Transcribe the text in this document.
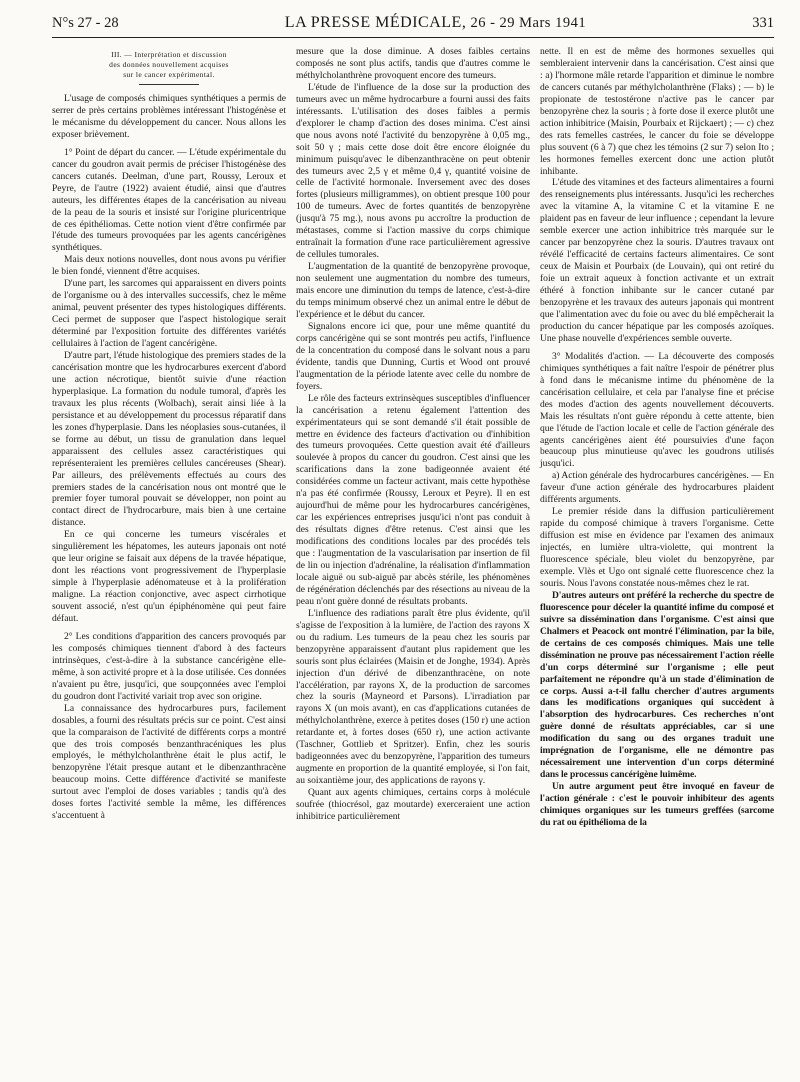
N°s 27 - 28	LA PRESSE MÉDICALE, 26 - 29 Mars 1941	331
III. — Interprétation et discussion
des données nouvellement acquises
sur le cancer expérimental.

L'usage de composés chimiques synthétiques a permis de serrer de près certains problèmes intéressant l'histogénèse et le mécanisme du développement du cancer. Nous allons les exposer brièvement.

1° Point de départ du cancer. — L'étude expérimentale du cancer du goudron avait permis de préciser l'histogénèse des cancers cutanés. Deelman, d'une part, Roussy, Leroux et Peyre, de l'autre (1922) avaient étudié, ainsi que d'autres auteurs, les différentes étapes de la cancérisation au niveau de la peau de la souris et insisté sur l'origine pluricentrique de ces épithéliomas. Cette notion vient d'être confirmée par l'étude des tumeurs provoquées par les agents cancérigènes synthétiques.

Mais deux notions nouvelles, dont nous avons pu vérifier le bien fondé, viennent d'être acquises.

D'une part, les sarcomes qui apparaissent en divers points de l'organisme ou à des intervalles successifs, chez le même animal, peuvent présenter des types histologiques différents. Ceci permet de supposer que l'aspect histologique serait déterminé par l'exposition fortuite des différentes variétés cellulaires à l'action de l'agent cancérigène.

D'autre part, l'étude histologique des premiers stades de la cancérisation montre que les hydrocarbures exercent d'abord une action nécrotique, bientôt suivie d'une réaction hyperplasique. La formation du nodule tumoral, d'après les travaux les plus récents (Wolbach), serait ainsi liée à la persistance et au développement du processus réparatif dans les zones d'hyperplasie. Dans les néoplasies sous-cutanées, il se forme au début, un tissu de granulation dans lequel apparaissent des cellules assez caractéristiques qui représenteraient les premières cellules cancéreuses (Shear). Par ailleurs, des prélèvements effectués au cours des premiers stades de la cancérisation nous ont montré que le premier foyer tumoral pouvait se développer, non point au contact direct de l'hydrocarbure, mais bien à une certaine distance.

En ce qui concerne les tumeurs viscérales et singulièrement les hépatomes, les auteurs japonais ont noté que leur origine se faisait aux dépens de la travée hépatique, dont les réactions vont progressivement de l'hyperplasie simple à l'hyperplasie adénomateuse et à la prolifération maligne. La réaction conjonctive, avec aspect cirrhotique souvent associé, n'est qu'un épiphénomène qui peut faire défaut.

2° Les conditions d'apparition des cancers provoqués par les composés chimiques tiennent d'abord à des facteurs intrinsèques, c'est-à-dire à la substance cancérigène elle-même, à son activité propre et à la dose utilisée. Ces données n'avaient pu être, jusqu'ici, que soupçonnées avec l'emploi du goudron dont l'activité variait trop avec son origine.

La connaissance des hydrocarbures purs, facilement dosables, a fourni des résultats précis sur ce point. C'est ainsi que la comparaison de l'activité de différents corps a montré que des trois composés benzanthracéniques les plus employés, le méthylcholanthrène était le plus actif, le benzopyrène l'était presque autant et le dibenzanthracène beaucoup moins. Cette différence d'activité se manifeste surtout avec l'emploi de doses variables ; tandis qu'à des doses fortes l'activité semble la même, les différences s'accentuent à

mesure que la dose diminue. A doses faibles certains composés ne sont plus actifs, tandis que d'autres comme le méthylcholanthrène provoquent encore des tumeurs.

L'étude de l'influence de la dose sur la production des tumeurs avec un même hydrocarbure a fourni aussi des faits intéressants. L'utilisation des doses faibles a permis d'explorer le champ d'action des doses minima. C'est ainsi que nous avons noté l'activité du benzopyrène à 0,05 mg., soit 50 γ ; mais cette dose doit être encore éloignée du minimum puisqu'avec le dibenzanthracène on peut obtenir des tumeurs avec 2,5 γ et même 0,4 γ, quantité voisine de celle de l'activité hormonale. Inversement avec des doses fortes (plusieurs milligrammes), on obtient presque 100 pour 100 de tumeurs. Avec de fortes quantités de benzopyrène (jusqu'à 75 mg.), nous avons pu accroître la production de métastases, comme si l'action massive du corps chimique entraînait la formation d'une race particulièrement agressive de cellules tumorales.

L'augmentation de la quantité de benzopyrène provoque, non seulement une augmentation du nombre des tumeurs, mais encore une diminution du temps de latence, c'est-à-dire du temps minimum observé chez un animal entre le début de l'expérience et le début du cancer.

Signalons encore ici que, pour une même quantité du corps cancérigène qui se sont montrés peu actifs, l'influence de la concentration du composé dans le solvant nous a paru évidente, tandis que Dunning, Curtis et Wood ont prouvé l'augmentation de la période latente avec celle du nombre de foyers.

Le rôle des facteurs extrinsèques susceptibles d'influencer la cancérisation a retenu également l'attention des expérimentateurs qui se sont demandé s'il était possible de mettre en évidence des facteurs d'activation ou d'inhibition des tumeurs provoquées. Cette question avait été d'ailleurs soulevée à propos du cancer du goudron. C'est ainsi que les scarifications dans la zone badigeonnée avaient été considérées comme un facteur activant, mais cette hypothèse n'a pas été confirmée (Roussy, Leroux et Peyre). Il en est aujourd'hui de même pour les hydrocarbures cancérigènes, car les expériences entreprises jusqu'ici n'ont pas conduit à des résultats dignes d'être retenus. C'est ainsi que les modifications des conditions locales par des procédés tels que : l'augmentation de la vascularisation par insertion de fil de lin ou injection d'adrénaline, la réalisation d'inflammation locale aiguë ou sub-aiguë par abcès stérile, les phénomènes de régénération déclenchés par des résections au niveau de la peau n'ont guère donné de résultats probants.

L'influence des radiations paraît être plus évidente, qu'il s'agisse de l'exposition à la lumière, de l'action des rayons X ou du radium. Les tumeurs de la peau chez les souris par benzopyrène apparaissent d'autant plus rapidement que les souris sont plus éclairées (Maisin et de Jonghe, 1934). Après injection d'un dérivé de dibenzanthracène, on note l'accélération, par rayons X, de la production de sarcomes chez la souris (Mayneord et Parsons). L'irradiation par rayons X (un mois avant), en cas d'applications cutanées de méthylcholanthrène, exerce à petites doses (150 r) une action retardante et, à fortes doses (650 r), une action activante (Taschner, Gottlieb et Spritzer). Enfin, chez les souris badigeonnées avec du benzopyrène, l'apparition des tumeurs augmente en proportion de la quantité employée, si l'on fait, au soixantième jour, des applications de rayons γ.

Quant aux agents chimiques, certains corps à molécule soufrée (thiocrésol, gaz moutarde) exerceraient une action inhibitrice particulièrement

nette. Il en est de même des hormones sexuelles qui sembleraient intervenir dans la cancérisation. C'est ainsi que : a) l'hormone mâle retarde l'apparition et diminue le nombre de cancers cutanés par méthylcholanthrène (Flaks) ; — b) le propionate de testostérone n'active pas le cancer par benzopyrène chez la souris ; à forte dose il exerce plutôt une action inhibitrice (Maisin, Pourbaix et Rijckaert) ; — c) chez des rats femelles castrées, le cancer du foie se développe plus souvent (6 à 7) que chez les témoins (2 sur 7) selon Ito ; les hormones femelles exercent donc une action plutôt inhibante.

L'étude des vitamines et des facteurs alimentaires a fourni des renseignements plus intéressants. Jusqu'ici les recherches avec la vitamine A, la vitamine C et la vitamine E ne plaident pas en faveur de leur influence ; cependant la levure semble exercer une action inhibitrice très marquée sur le cancer par benzopyrène chez la souris. D'autres travaux ont révélé l'efficacité de certains facteurs alimentaires. Ce sont ceux de Maisin et Pourbaix (de Louvain), qui ont retiré du foie un extrait aqueux à fonction activante et un extrait éthéré à fonction inhibante sur le cancer cutané par benzopyrène et les travaux des auteurs japonais qui montrent que l'alimentation avec du foie ou avec du blé empêcherait la production du cancer hépatique par les composés azoïques. Une phase nouvelle d'expériences semble ouverte.

3° Modalités d'action. — La découverte des composés chimiques synthétiques a fait naître l'espoir de pénétrer plus à fond dans le mécanisme intime du phénomène de la cancérisation cellulaire, et cela par l'analyse fine et précise des modes d'action des agents nouvellement découverts. Mais les résultats n'ont guère répondu à cette attente, bien que l'étude de l'action locale et celle de l'action générale des agents cancérigènes aient été poursuivies d'une façon beaucoup plus minutieuse qu'avec les goudrons utilisés jusqu'ici.

a) Action générale des hydrocarbures cancérigènes. — En faveur d'une action générale des hydrocarbures plaident différents arguments.

Le premier réside dans la diffusion particulièrement rapide du composé chimique à travers l'organisme. Cette diffusion est mise en évidence par l'examen des animaux injectés, en lumière ultra-violette, qui montrent la fluorescence spéciale, bleu violet du benzopyrène, par exemple. Vlès et Ugo ont signalé cette fluorescence chez la souris. Nous l'avons constatée nous-mêmes chez le rat.

D'autres auteurs ont préféré la recherche du spectre de fluorescence pour déceler la quantité infime du composé et suivre sa dissémination dans l'organisme. C'est ainsi que Chalmers et Peacock ont montré l'élimination, par la bile, de certains de ces composés chimiques. Mais une telle dissémination ne prouve pas nécessairement l'action réelle d'un corps déterminé sur l'organisme ; elle peut parfaitement ne répondre qu'à un stade d'élimination de ce corps. Aussi a-t-il fallu chercher d'autres arguments dans les modifications organiques qui succèdent à l'absorption des hydrocarbures. Ces recherches n'ont guère donné de résultats appréciables, car si une modification du sang ou des organes traduit une imprégnation de l'organisme, elle ne démontre pas nécessairement une intervention d'un corps déterminé dans le processus cancérigène luimême.

Un autre argument peut être invoqué en faveur de l'action générale : c'est le pouvoir inhibiteur des agents chimiques organiques sur les tumeurs greffées (sarcome du rat ou épithélioma de la
